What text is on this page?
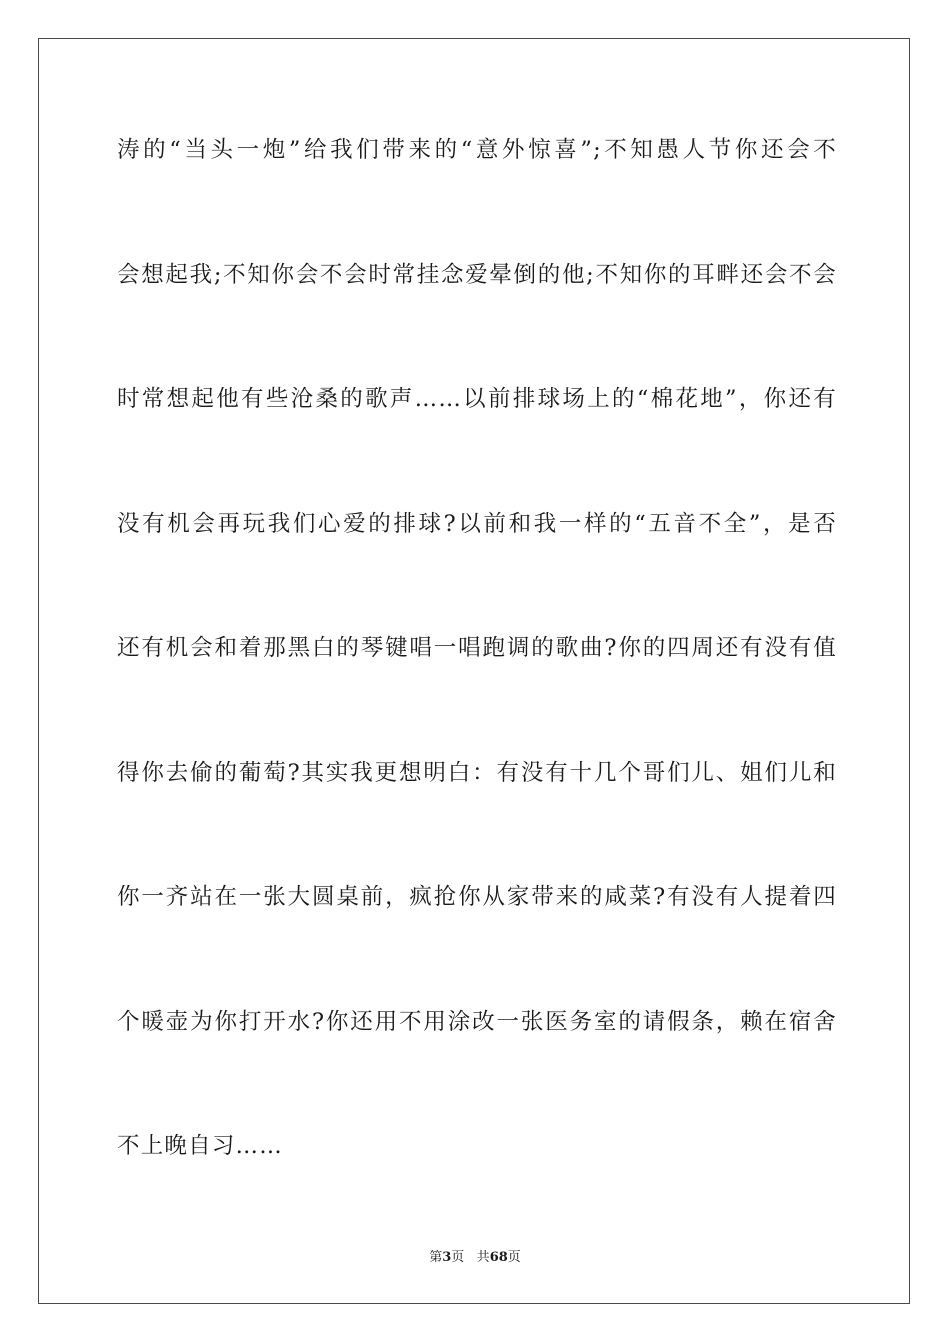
涛的“当头一炮”给我们带来的“意外惊喜”;不知愚人节你还会不
会想起我;不知你会不会时常挂念爱晕倒的他;不知你的耳畔还会不会
时常想起他有些沧桑的歌声……以前排球场上的“棉花地”，你还有
没有机会再玩我们心爱的排球?以前和我一样的“五音不全”，是否
还有机会和着那黑白的琴键唱一唱跑调的歌曲?你的四周还有没有值
得你去偷的葡萄?其实我更想明白：有没有十几个哥们儿、姐们儿和
你一齐站在一张大圆桌前，疯抢你从家带来的咸菜?有没有人提着四
个暖壶为你打开水?你还用不用涂改一张医务室的请假条，赖在宿舍
不上晚自习……
第3页 共68页
